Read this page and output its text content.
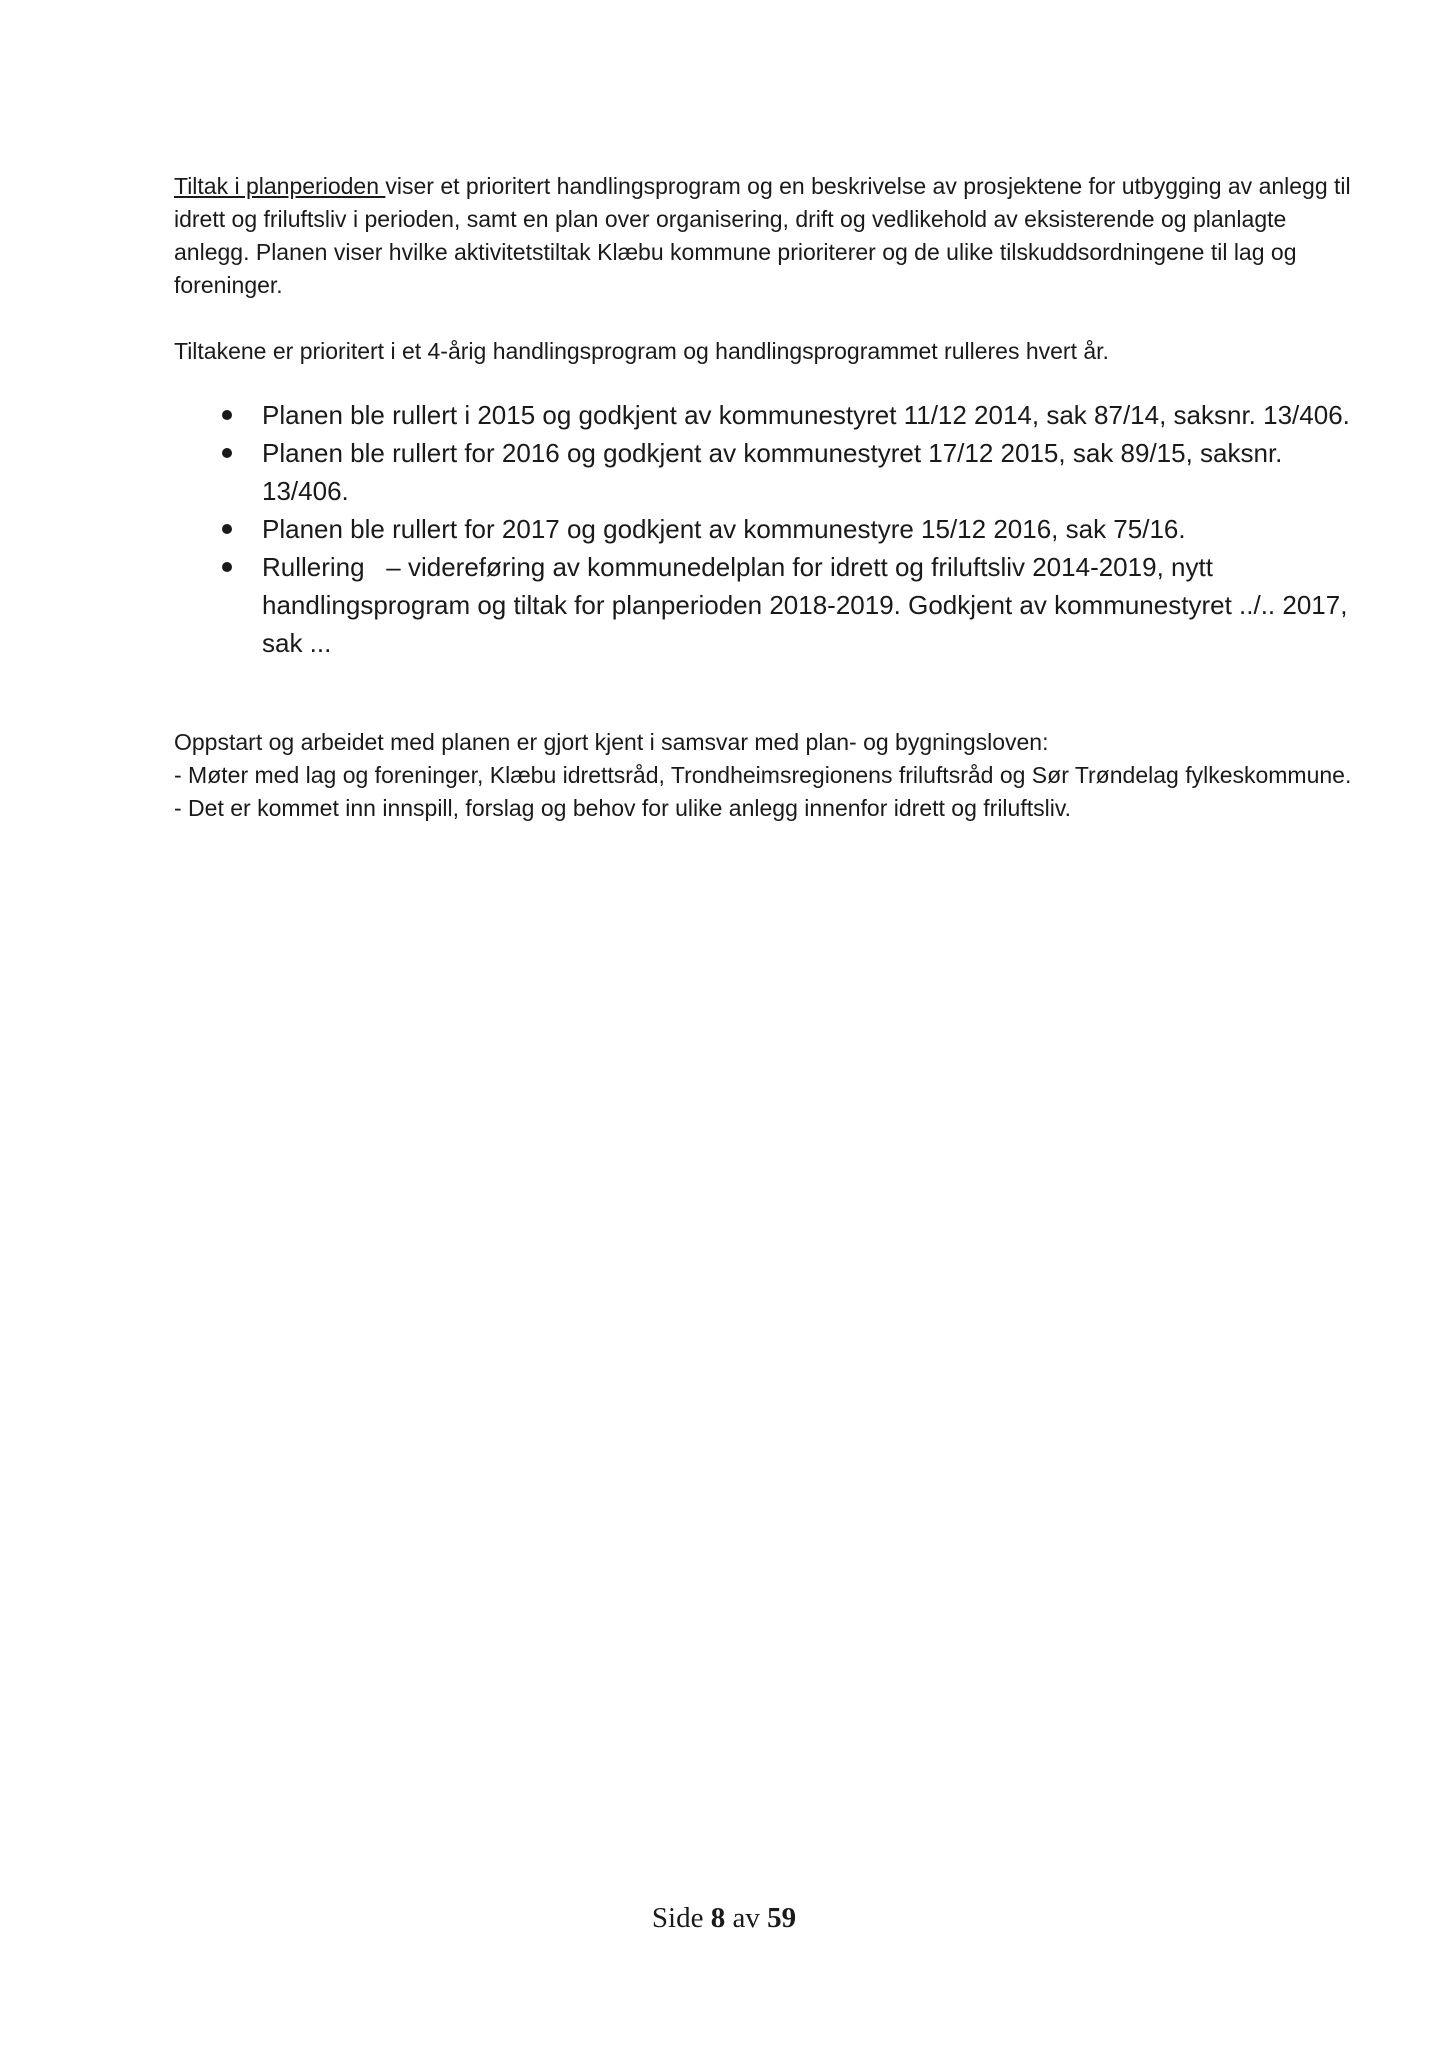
Tiltak i planperioden viser et prioritert handlingsprogram og en beskrivelse av prosjektene for utbygging av anlegg til idrett og friluftsliv i perioden, samt en plan over organisering, drift og vedlikehold av eksisterende og planlagte anlegg. Planen viser hvilke aktivitetstiltak Klæbu kommune prioriterer og de ulike tilskuddsordningene til lag og foreninger.

Tiltakene er prioritert i et 4-årig handlingsprogram og handlingsprogrammet rulleres hvert år.

Planen ble rullert i 2015 og godkjent av kommunestyret 11/12 2014, sak 87/14, saksnr. 13/406.
Planen ble rullert for 2016 og godkjent av kommunestyret 17/12 2015, sak 89/15, saksnr. 13/406.
Planen ble rullert for 2017 og godkjent av kommunestyre 15/12 2016, sak 75/16.
Rullering   – videreføring av kommunedelplan for idrett og friluftsliv 2014-2019, nytt handlingsprogram og tiltak for planperioden 2018-2019. Godkjent av kommunestyret ../.. 2017, sak ...
Oppstart og arbeidet med planen er gjort kjent i samsvar med plan- og bygningsloven:
- Møter med lag og foreninger, Klæbu idrettsråd, Trondheimsregionens friluftsråd og Sør Trøndelag fylkeskommune.
- Det er kommet inn innspill, forslag og behov for ulike anlegg innenfor idrett og friluftsliv.
Side 8 av 59
